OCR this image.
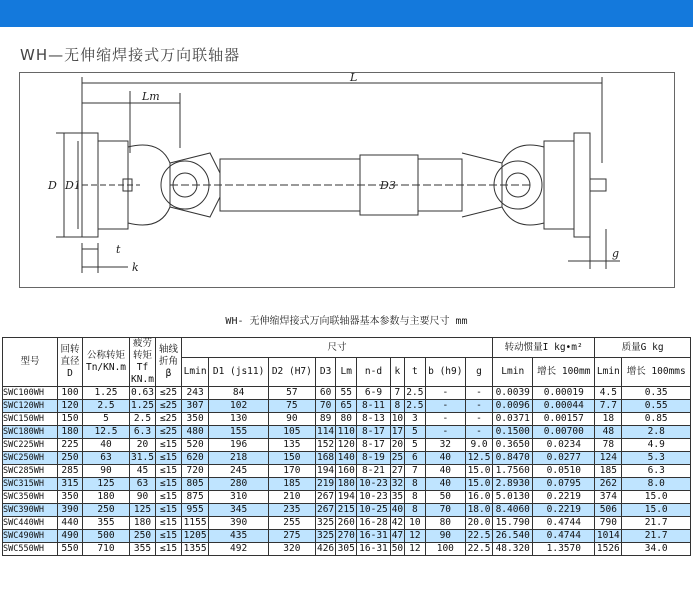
WH—无伸缩焊接式万向联轴器
L
Lm
D D1	D3
t
k
g
WH- 无伸缩焊接式万向联轴器基本参数与主要尺寸 mm
型号	回转直径 D	公称转矩 Tn/KN.m	疲劳转矩 Tf KN.m	轴线折角 β	尺寸										转动惯量I kg•m²		质量G kg	
					Lmin	D1 (js11)	D2 (H7)	D3	Lm	n-d	k	t	b (h9)	g	Lmin	增长 100mm	Lmin	增长 100mms
SWC100WH	100	1.25	0.63	≤25	243	84	57	60	55	6-9	7	2.5	-	-	0.0039	0.00019	4.5	0.35
SWC120WH	120	2.5	1.25	≤25	307	102	75	70	65	8-11	8	2.5	-	-	0.0096	0.00044	7.7	0.55
SWC150WH	150	5	2.5	≤25	350	130	90	89	80	8-13	10	3	-	-	0.0371	0.00157	18	0.85
SWC180WH	180	12.5	6.3	≤25	480	155	105	114	110	8-17	17	5	-	-	0.1500	0.00700	48	2.8
SWC225WH	225	40	20	≤15	520	196	135	152	120	8-17	20	5	32	9.0	0.3650	0.0234	78	4.9
SWC250WH	250	63	31.5	≤15	620	218	150	168	140	8-19	25	6	40	12.5	0.8470	0.0277	124	5.3
SWC285WH	285	90	45	≤15	720	245	170	194	160	8-21	27	7	40	15.0	1.7560	0.0510	185	6.3
SWC315WH	315	125	63	≤15	805	280	185	219	180	10-23	32	8	40	15.0	2.8930	0.0795	262	8.0
SWC350WH	350	180	90	≤15	875	310	210	267	194	10-23	35	8	50	16.0	5.0130	0.2219	374	15.0
SWC390WH	390	250	125	≤15	955	345	235	267	215	10-25	40	8	70	18.0	8.4060	0.2219	506	15.0
SWC440WH	440	355	180	≤15	1155	390	255	325	260	16-28	42	10	80	20.0	15.790	0.4744	790	21.7
SWC490WH	490	500	250	≤15	1205	435	275	325	270	16-31	47	12	90	22.5	26.540	0.4744	1014	21.7
SWC550WH	550	710	355	≤15	1355	492	320	426	305	16-31	50	12	100	22.5	48.320	1.3570	1526	34.0
